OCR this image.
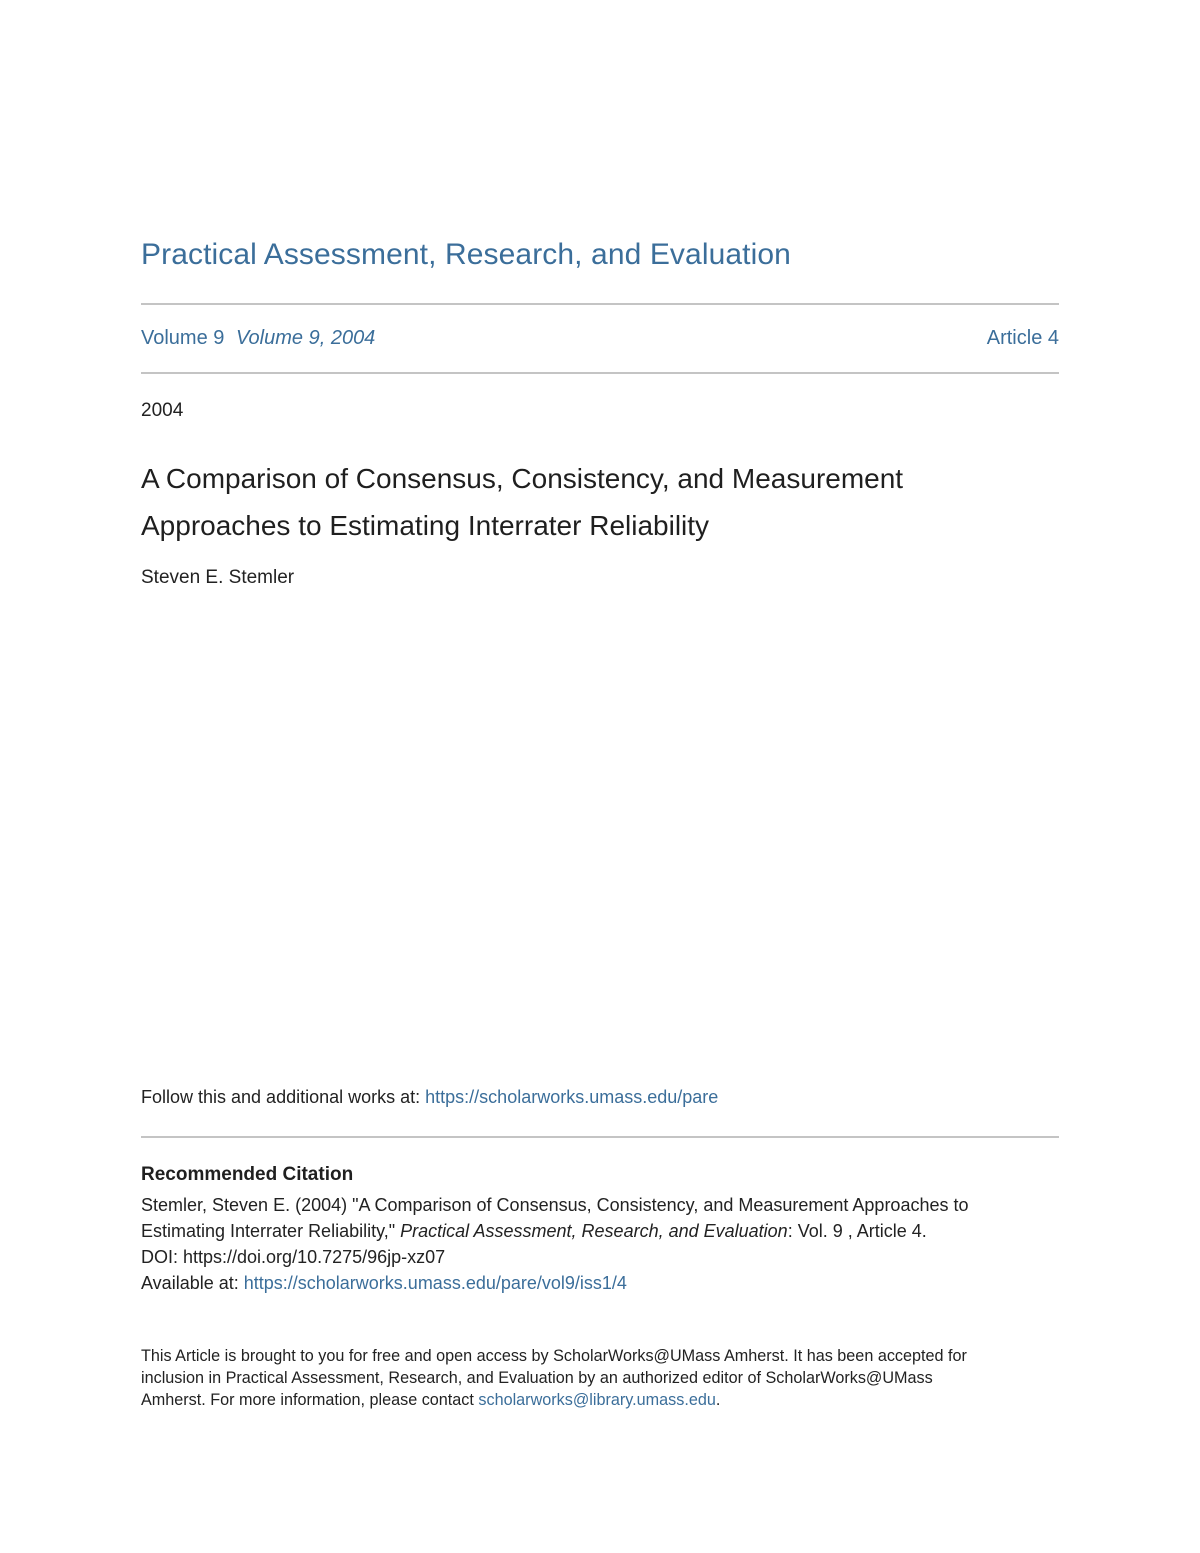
Practical Assessment, Research, and Evaluation
Volume 9 Volume 9, 2004	Article 4
2004
A Comparison of Consensus, Consistency, and Measurement
Approaches to Estimating Interrater Reliability
Steven E. Stemler
Follow this and additional works at: https://scholarworks.umass.edu/pare
Recommended Citation
Stemler, Steven E. (2004) "A Comparison of Consensus, Consistency, and Measurement Approaches to
Estimating Interrater Reliability," Practical Assessment, Research, and Evaluation: Vol. 9 , Article 4.
DOI: https://doi.org/10.7275/96jp-xz07
Available at: https://scholarworks.umass.edu/pare/vol9/iss1/4
This Article is brought to you for free and open access by ScholarWorks@UMass Amherst. It has been accepted for
inclusion in Practical Assessment, Research, and Evaluation by an authorized editor of ScholarWorks@UMass
Amherst. For more information, please contact scholarworks@library.umass.edu.
